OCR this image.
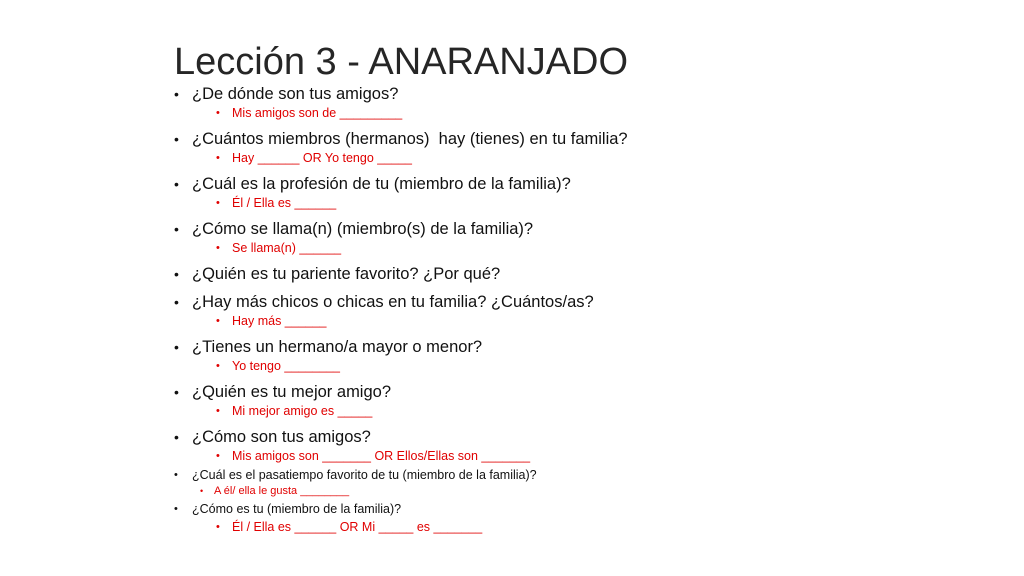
Lección 3 - ANARANJADO
• ¿De dónde son tus amigos?
• Mis amigos son de _________
• ¿Cuántos miembros (hermanos)  hay (tienes) en tu familia?
• Hay ______ OR Yo tengo _____
• ¿Cuál es la profesión de tu (miembro de la familia)?
• Él / Ella es ______
• ¿Cómo se llama(n) (miembro(s) de la familia)?
• Se llama(n) ______
• ¿Quién es tu pariente favorito? ¿Por qué?
• ¿Hay más chicos o chicas en tu familia? ¿Cuántos/as?
• Hay más ______
• ¿Tienes un hermano/a mayor o menor?
• Yo tengo ________
• ¿Quién es tu mejor amigo?
• Mi mejor amigo es _____
• ¿Cómo son tus amigos?
• Mis amigos son _______ OR Ellos/Ellas son _______
• ¿Cuál es el pasatiempo favorito de tu (miembro de la familia)?
• A él/ ella le gusta ________
• ¿Cómo es tu (miembro de la familia)?
• Él / Ella es ______ OR Mi _____ es _______
